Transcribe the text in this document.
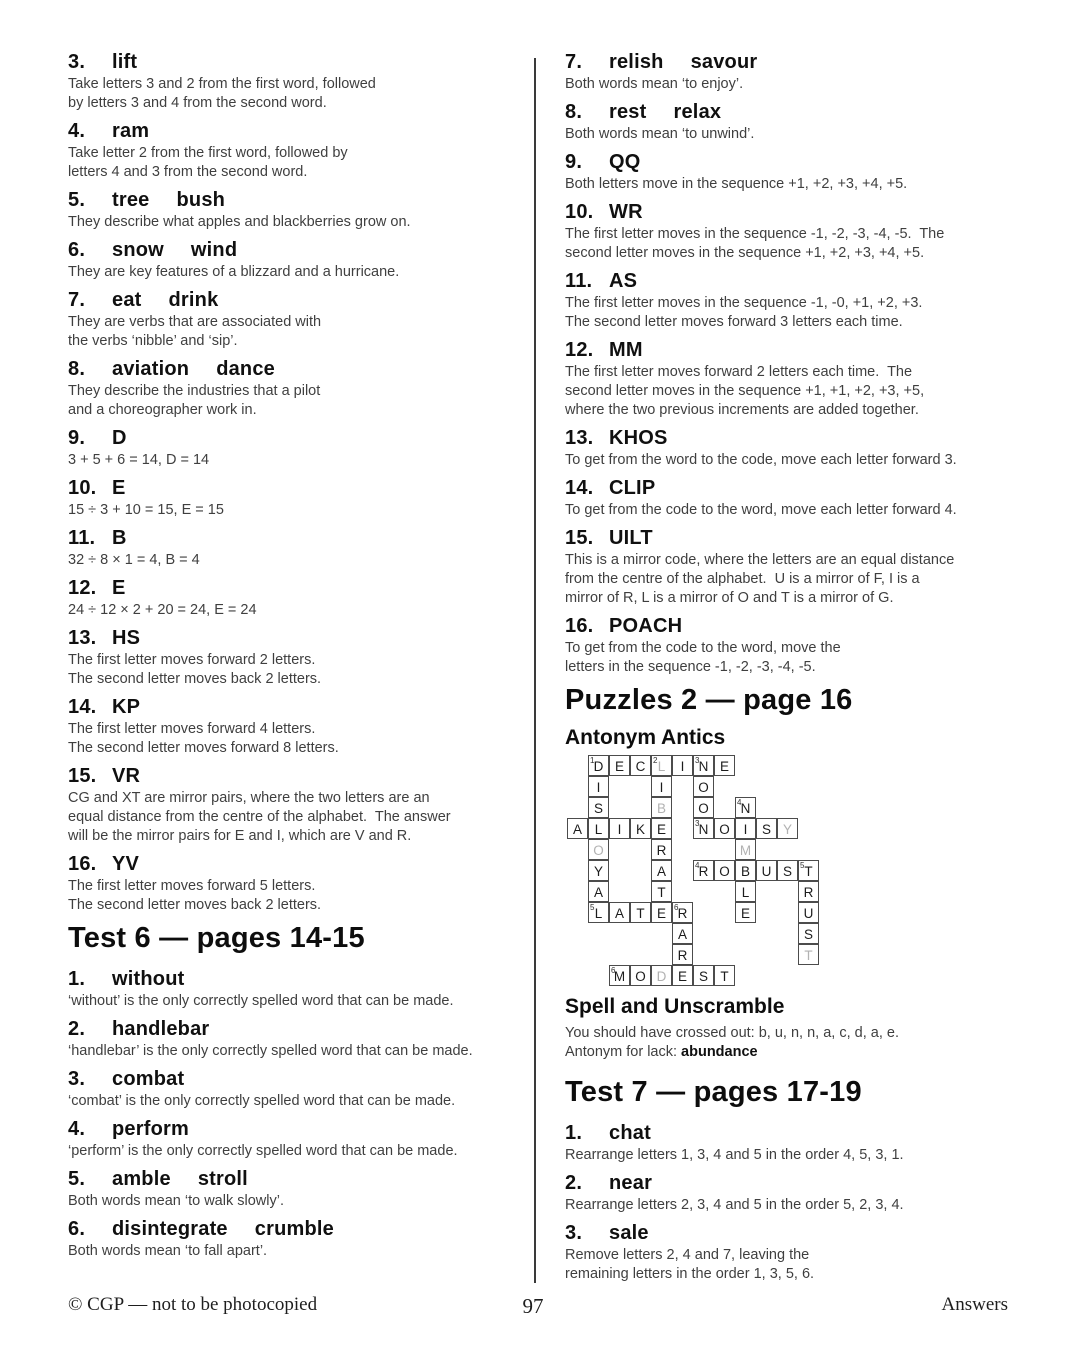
3.	lift
Take letters 3 and 2 from the first word, followed
by letters 3 and 4 from the second word.
4.	ram
Take letter 2 from the first word, followed by
letters 4 and 3 from the second word.
5.	tree bush
They describe what apples and blackberries grow on.
6.	snow wind
They are key features of a blizzard and a hurricane.
7.	eat drink
They are verbs that are associated with
the verbs ‘nibble’ and ‘sip’.
8.	aviation dance
They describe the industries that a pilot
and a choreographer work in.
9.	D
3 + 5 + 6 = 14, D = 14
10. E
15 ÷ 3 + 10 = 15, E = 15
11. B
32 ÷ 8 × 1 = 4, B = 4
12. E
24 ÷ 12 × 2 + 20 = 24, E = 24
13. HS
The first letter moves forward 2 letters.
The second letter moves back 2 letters.
14. KP
The first letter moves forward 4 letters.
The second letter moves forward 8 letters.
15. VR
CG and XT are mirror pairs, where the two letters are an
equal distance from the centre of the alphabet.  The answer
will be the mirror pairs for E and I, which are V and R.
16. YV
The first letter moves forward 5 letters.
The second letter moves back 2 letters.
Test 6 — pages 14-15
1.	without
‘without’ is the only correctly spelled word that can be made.
2.	handlebar
‘handlebar’ is the only correctly spelled word that can be made.
3.	combat
‘combat’ is the only correctly spelled word that can be made.
4.	perform
‘perform’ is the only correctly spelled word that can be made.
5.	amble stroll
Both words mean ‘to walk slowly’.
6.	disintegrate crumble
Both words mean ‘to fall apart’.
7.	relish savour
Both words mean ‘to enjoy’.
8.	rest relax
Both words mean ‘to unwind’.
9.	QQ
Both letters move in the sequence +1, +2, +3, +4, +5.
10. WR
The first letter moves in the sequence -1, -2, -3, -4, -5.  The
second letter moves in the sequence +1, +2, +3, +4, +5.
11. AS
The first letter moves in the sequence -1, -0, +1, +2, +3.
The second letter moves forward 3 letters each time.
12. MM
The first letter moves forward 2 letters each time.  The
second letter moves in the sequence +1, +1, +2, +3, +5,
where the two previous increments are added together.
13. KHOS
To get from the word to the code, move each letter forward 3.
14. CLIP
To get from the code to the word, move each letter forward 4.
15. UILT
This is a mirror code, where the letters are an equal distance
from the centre of the alphabet.  U is a mirror of F, I is a
mirror of R, L is a mirror of O and T is a mirror of G.
16. POACH
To get from the code to the word, move the
letters in the sequence -1, -2, -3, -4, -5.
Puzzles 2 — page 16
Antonym Antics
1 D E C 2 L I 3 N E
I	I	O
S	B O	4 N
A L I K E	3 N O I S Y
O	R	M
Y	A	4 R O B U S 5 T
A	T	L	R
5 L A T E 6 R	E	U
A	S
R	T
6
M O D E S T
Spell and Unscramble
You should have crossed out: b, u, n, n, a, c, d, a, e.
Antonym for lack: abundance
Test 7 — pages 17-19
1.	chat
Rearrange letters 1, 3, 4 and 5 in the order 4, 5, 3, 1.
2.	near
Rearrange letters 2, 3, 4 and 5 in the order 5, 2, 3, 4.
3.	sale
Remove letters 2, 4 and 7, leaving the
remaining letters in the order 1, 3, 5, 6.
97
© CGP — not to be photocopied	Answers
